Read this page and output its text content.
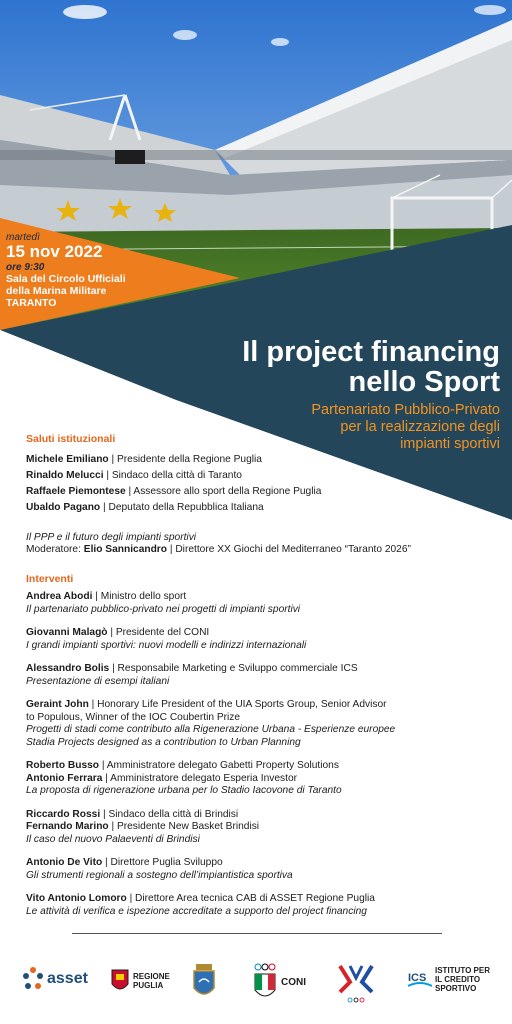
martedì
15 nov 2022
ore 9:30
Sala del Circolo Ufficiali
della Marina Militare
TARANTO
Il project financing
nello Sport
Partenariato Pubblico-Privato
per la realizzazione degli
impianti sportivi
Saluti istituzionali
Michele Emiliano | Presidente della Regione Puglia
Rinaldo Melucci | Sindaco della città di Taranto
Raffaele Piemontese | Assessore allo sport della Regione Puglia
Ubaldo Pagano | Deputato della Repubblica Italiana
Il PPP e il futuro degli impianti sportivi
Moderatore: Elio Sannicandro | Direttore XX Giochi del Mediterraneo “Taranto 2026”
Interventi
Andrea Abodi | Ministro dello sport
Il partenariato pubblico-privato nei progetti di impianti sportivi
Giovanni Malagò | Presidente del CONI
I grandi impianti sportivi: nuovi modelli e indirizzi internazionali
Alessandro Bolis | Responsabile Marketing e Sviluppo commerciale ICS
Presentazione di esempi italiani
Geraint John | Honorary Life President of the UIA Sports Group, Senior Advisor
to Populous, Winner of the IOC Coubertin Prize
Progetti di stadi come contributo alla Rigenerazione Urbana - Esperienze europee
Stadia Projects designed as a contribution to Urban Planning
Roberto Busso | Amministratore delegato Gabetti Property Solutions
Antonio Ferrara | Amministratore delegato Esperia Investor
La proposta di rigenerazione urbana per lo Stadio Iacovone di Taranto
Riccardo Rossi | Sindaco della città di Brindisi
Fernando Marino | Presidente New Basket Brindisi
Il caso del nuovo Palaeventi di Brindisi
Antonio De Vito | Direttore Puglia Sviluppo
Gli strumenti regionali a sostegno dell’impiantistica sportiva
Vito Antonio Lomoro | Direttore Area tecnica CAB di ASSET Regione Puglia
Le attività di verifica e ispezione accreditate a supporto del project financing
asset	REGIONE
PUGLIA	CONI	ICS
ISTITUTO PER
IL CREDITO
SPORTIVO
